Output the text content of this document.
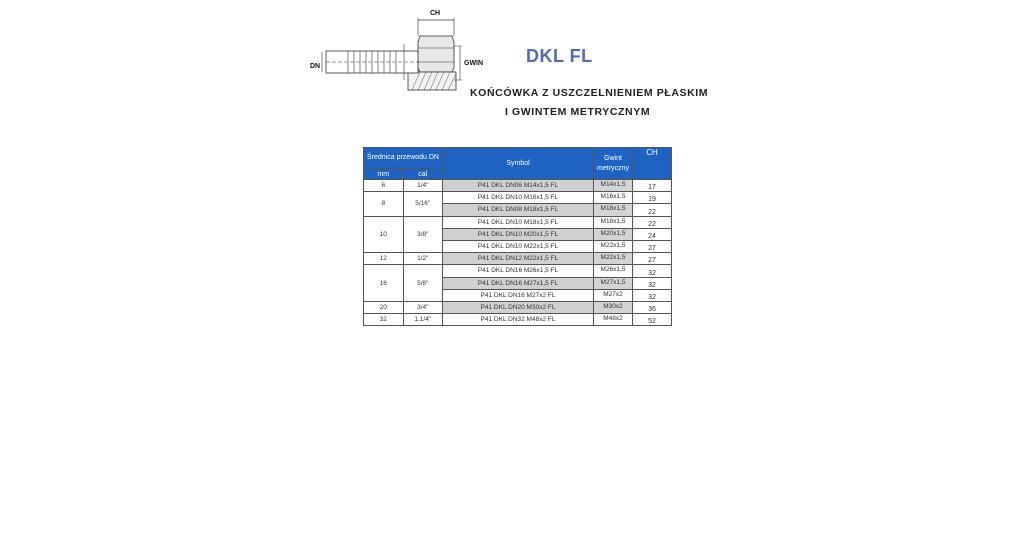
CH
DN	GWIN DKL FL
KOŃCÓWKA Z USZCZELNIENIEM PŁASKIM
I GWINTEM METRYCZNYM
Średnica przewodu DN		Symbol	Gwint metryczny	CH
mm	cal			
6	1/4"	P41 DKL DN06 M14x1,5 FL	M14x1,5	17
8	5/16"	P41 DKL DN10 M16x1,5 FL	M16x1,5	19
		P41 DKL DN08 M18x1,5 FL	M18x1,5	22
10	3/8"	P41 DKL DN10 M18x1,5 FL	M18x1,5	22
		P41 DKL DN10 M20x1,5 FL	M20x1,5	24
		P41 DKL DN10 M22x1,5 FL	M22x1,5	27
12	1/2"	P41 DKL DN12 M22x1,5 FL	M22x1,5	27
16	5/8"	P41 DKL DN16 M26x1,5 FL	M26x1,5	32
		P41 DKL DN16 M27x1,5 FL	M27x1,5	32
		P41 DKL DN16 M27x2 FL	M27x2	32
20	3/4"	P41 DKL DN20 M30x2 FL	M30x2	36
32	1.1/4"	P41 DKL DN32 M48x2 FL	M48x2	52
